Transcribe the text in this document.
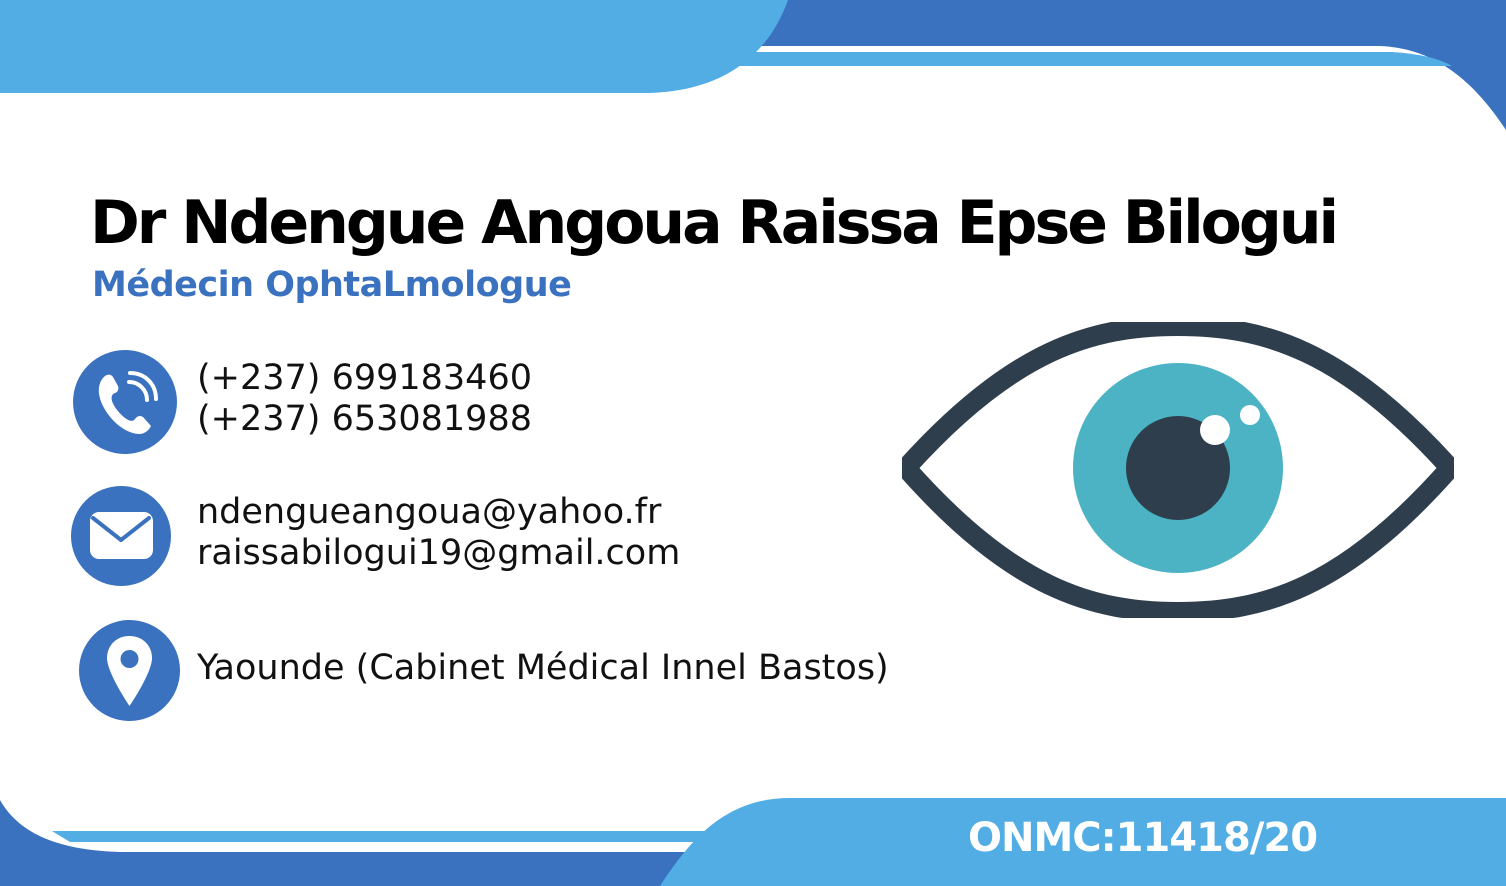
Dr Ndengue Angoua Raissa Epse Bilogui
Médecin OphtaLmologue
(+237) 699183460
(+237) 653081988
ndengueangoua@yahoo.fr
raissabilogui19@gmail.com
Yaounde (Cabinet Médical Innel Bastos)
ONMC:11418/20
